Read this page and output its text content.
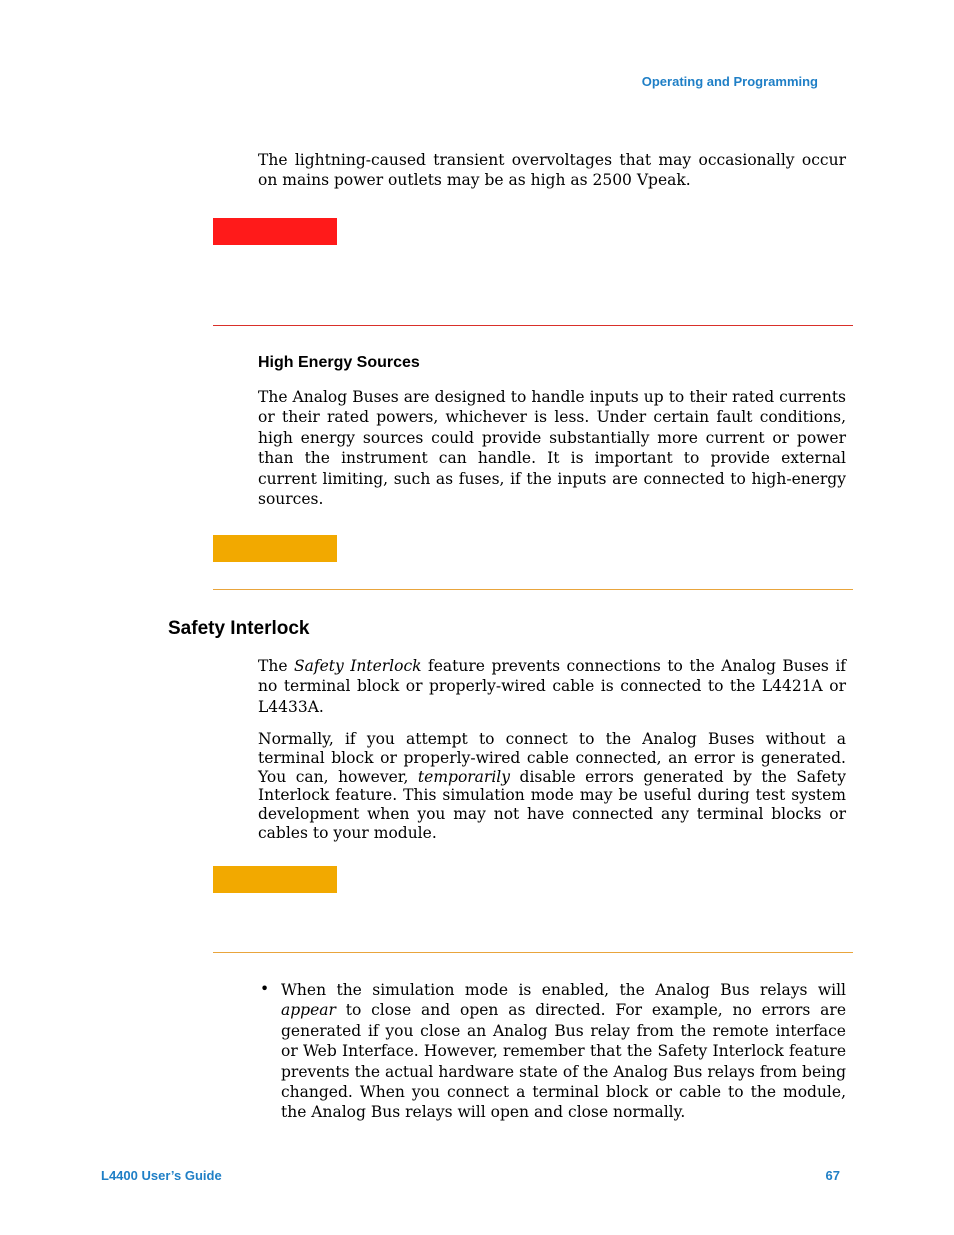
Operating and Programming

The lightning-caused transient overvoltages that may occasionally occur on mains power outlets may be as high as 2500 Vpeak.

High Energy Sources

The Analog Buses are designed to handle inputs up to their rated currents or their rated powers, whichever is less. Under certain fault conditions, high energy sources could provide substantially more current or power than the instrument can handle. It is important to provide external current limiting, such as fuses, if the inputs are connected to high-energy sources.

Safety Interlock

The Safety Interlock feature prevents connections to the Analog Buses if no terminal block or properly-wired cable is connected to the L4421A or L4433A.

Normally, if you attempt to connect to the Analog Buses without a terminal block or properly-wired cable connected, an error is generated. You can, however, temporarily disable errors generated by the Safety Interlock feature. This simulation mode may be useful during test system development when you may not have connected any terminal blocks or cables to your module.

• When the simulation mode is enabled, the Analog Bus relays will appear to close and open as directed. For example, no errors are generated if you close an Analog Bus relay from the remote interface or Web Interface. However, remember that the Safety Interlock feature prevents the actual hardware state of the Analog Bus relays from being changed. When you connect a terminal block or cable to the module, the Analog Bus relays will open and close normally.

L4400 User’s Guide	67
